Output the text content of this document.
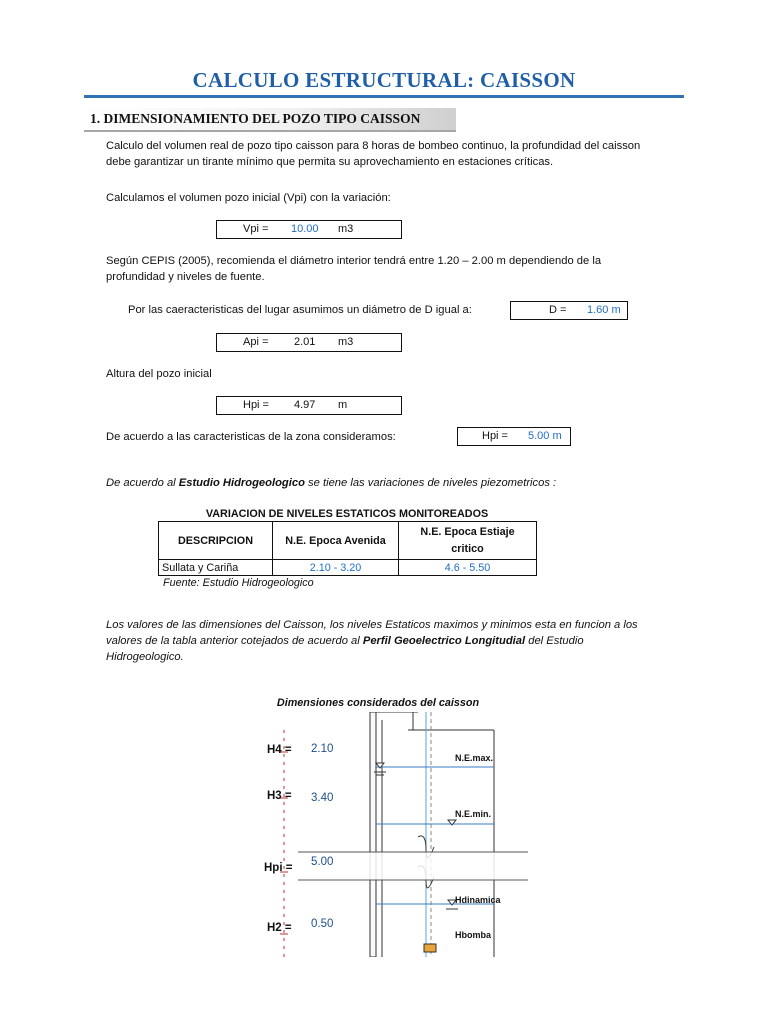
CALCULO ESTRUCTURAL: CAISSON
1. DIMENSIONAMIENTO DEL POZO TIPO CAISSON
Calculo del volumen real de pozo tipo caisson para 8 horas de bombeo continuo, la profundidad del caisson
debe garantizar un tirante mínimo que permita su aprovechamiento en estaciones críticas.
Calculamos el volumen pozo inicial (Vpi) con la variación:
Vpi = 10.00 m3
Según CEPIS (2005), recomienda el diámetro interior tendrá entre 1.20 – 2.00 m dependiendo de la
profundidad y niveles de fuente.
Por las caeracteristicas del lugar asumimos un diámetro de D igual a:	D = 1.60 m
Api = 2.01 m3
Altura del pozo inicial
Hpi = 4.97 m
De acuerdo a las caracteristicas de la zona consideramos:	Hpi = 5.00 m
De acuerdo al Estudio Hidrogeologico se tiene las variaciones de niveles piezometricos :
VARIACION DE NIVELES ESTATICOS MONITOREADOS
DESCRIPCION	N.E. Epoca Avenida	N.E. Epoca Estiaje
critico

Sullata y Cariña	2.10 - 3.20	4.6 - 5.50
Fuente: Estudio Hidrogeologico
Los valores de las dimensiones del Caisson, los niveles Estaticos maximos y minimos esta en funcion a los
valores de la tabla anterior cotejados de acuerdo al Perfil Geoelectrico Longitudial del Estudio
Hidrogeologico.
Dimensiones considerados del caisson
H4 =
H3 =
Hpi =
H2 =
2.10
3.40
5.00
0.50
N.E.max.
N.E.min.
Hdinamica
Hbomba
